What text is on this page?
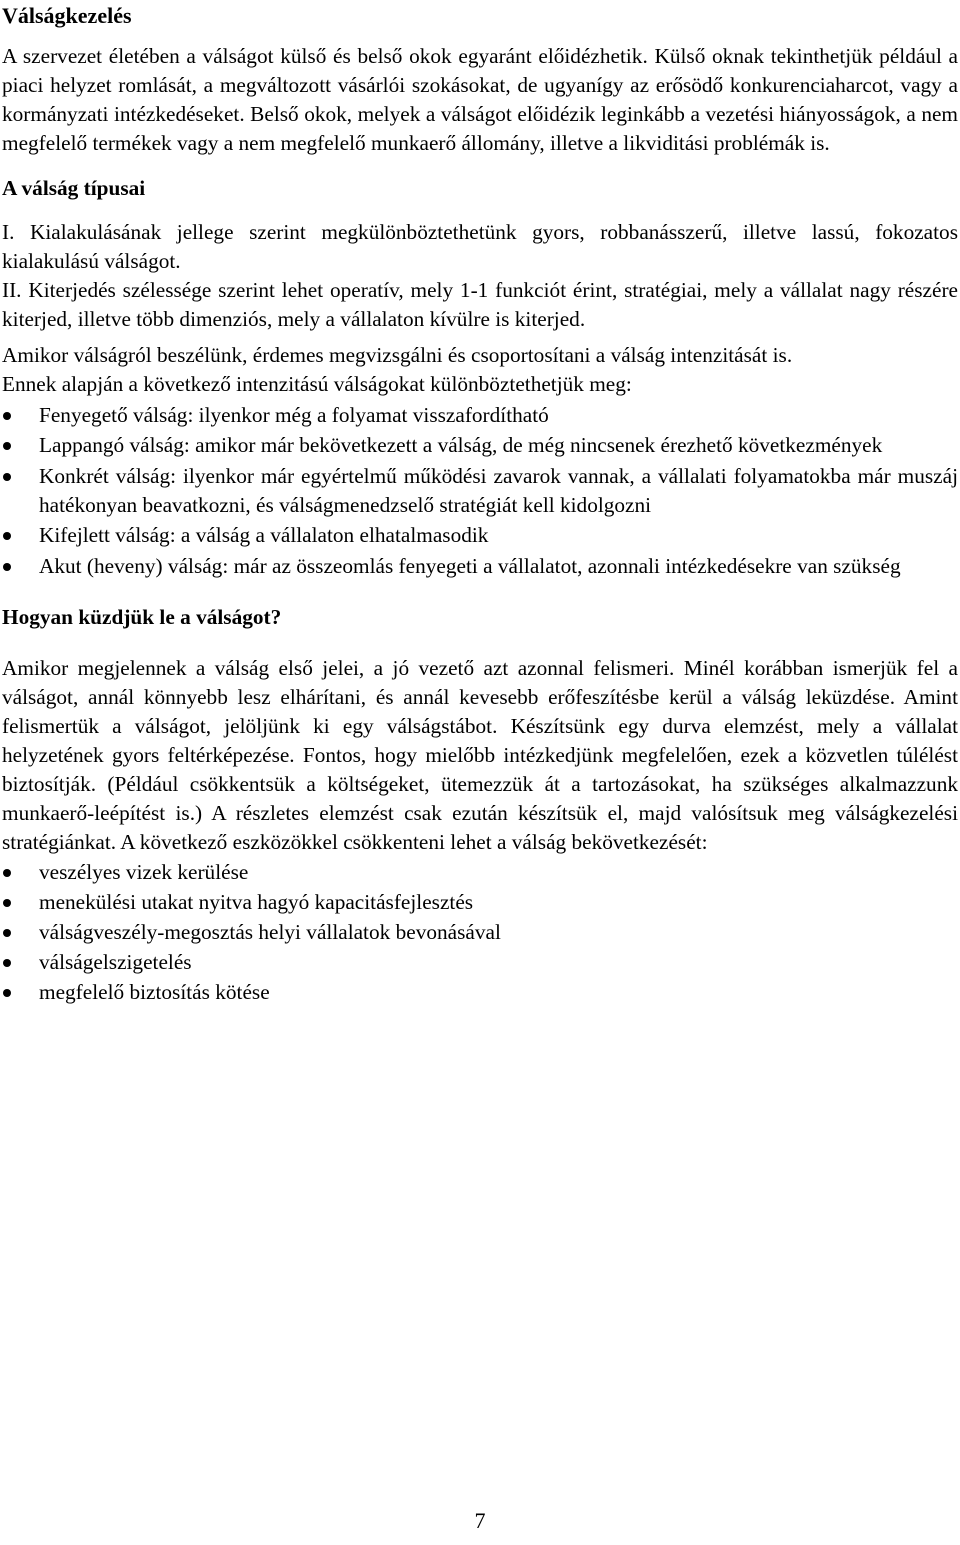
Válságkezelés

A szervezet életében a válságot külső és belső okok egyaránt előidézhetik. Külső oknak tekinthetjük például a piaci helyzet romlását, a megváltozott vásárlói szokásokat, de ugyanígy az erősödő konkurenciaharcot, vagy a kormányzati intézkedéseket. Belső okok, melyek a válságot előidézik leginkább a vezetési hiányosságok, a nem megfelelő termékek vagy a nem megfelelő munkaerő állomány, illetve a likviditási problémák is.

A válság típusai

I. Kialakulásának jellege szerint megkülönböztethetünk gyors, robbanásszerű, illetve lassú, fokozatos kialakulású válságot.

II. Kiterjedés szélessége szerint lehet operatív, mely 1-1 funkciót érint, stratégiai, mely a vállalat nagy részére kiterjed, illetve több dimenziós, mely a vállalaton kívülre is kiterjed.

Amikor válságról beszélünk, érdemes megvizsgálni és csoportosítani a válság intenzitását is.

Ennek alapján a következő intenzitású válságokat különböztethetjük meg:

Fenyegető válság: ilyenkor még a folyamat visszafordítható
Lappangó válság: amikor már bekövetkezett a válság, de még nincsenek érezhető következmények
Konkrét válság: ilyenkor már egyértelmű működési zavarok vannak, a vállalati folyamatokba már muszáj hatékonyan beavatkozni, és válságmenedzselő stratégiát kell kidolgozni
Kifejlett válság: a válság a vállalaton elhatalmasodik
Akut (heveny) válság: már az összeomlás fenyegeti a vállalatot, azonnali intézkedésekre van szükség
Hogyan küzdjük le a válságot?

Amikor megjelennek a válság első jelei, a jó vezető azt azonnal felismeri. Minél korábban ismerjük fel a válságot, annál könnyebb lesz elhárítani, és annál kevesebb erőfeszítésbe kerül a válság leküzdése. Amint felismertük a válságot, jelöljünk ki egy válságstábot. Készítsünk egy durva elemzést, mely a vállalat helyzetének gyors feltérképezése. Fontos, hogy mielőbb intézkedjünk megfelelően, ezek a közvetlen túlélést biztosítják. (Például csökkentsük a költségeket, ütemezzük át a tartozásokat, ha szükséges alkalmazzunk munkaerő-leépítést is.) A részletes elemzést csak ezután készítsük el, majd valósítsuk meg válságkezelési stratégiánkat. A következő eszközökkel csökkenteni lehet a válság bekövetkezését:

veszélyes vizek kerülése
menekülési utakat nyitva hagyó kapacitásfejlesztés
válságveszély-megosztás helyi vállalatok bevonásával
válságelszigetelés
megfelelő biztosítás kötése
7
